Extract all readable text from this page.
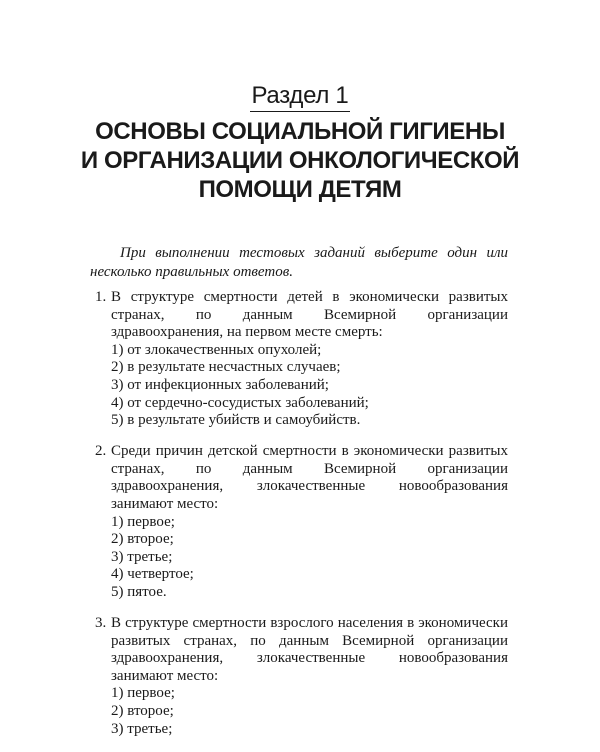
Раздел 1
ОСНОВЫ СОЦИАЛЬНОЙ ГИГИЕНЫ
И ОРГАНИЗАЦИИ ОНКОЛОГИЧЕСКОЙ
ПОМОЩИ ДЕТЯМ
При выполнении тестовых заданий выберите один или несколько правильных ответов.
1. В структуре смертности детей в экономически развитых странах, по данным Всемирной организации здравоохранения, на первом месте смерть:
1) от злокачественных опухолей;
2) в результате несчастных случаев;
3) от инфекционных заболеваний;
4) от сердечно-сосудистых заболеваний;
5) в результате убийств и самоубийств.
2. Среди причин детской смертности в экономически развитых странах, по данным Всемирной организации здравоохранения, злокачественные новообразования занимают место:
1) первое;
2) второе;
3) третье;
4) четвертое;
5) пятое.
3. В структуре смертности взрослого населения в экономически развитых странах, по данным Всемирной организации здравоохранения, злокачественные новообразования занимают место:
1) первое;
2) второе;
3) третье;
